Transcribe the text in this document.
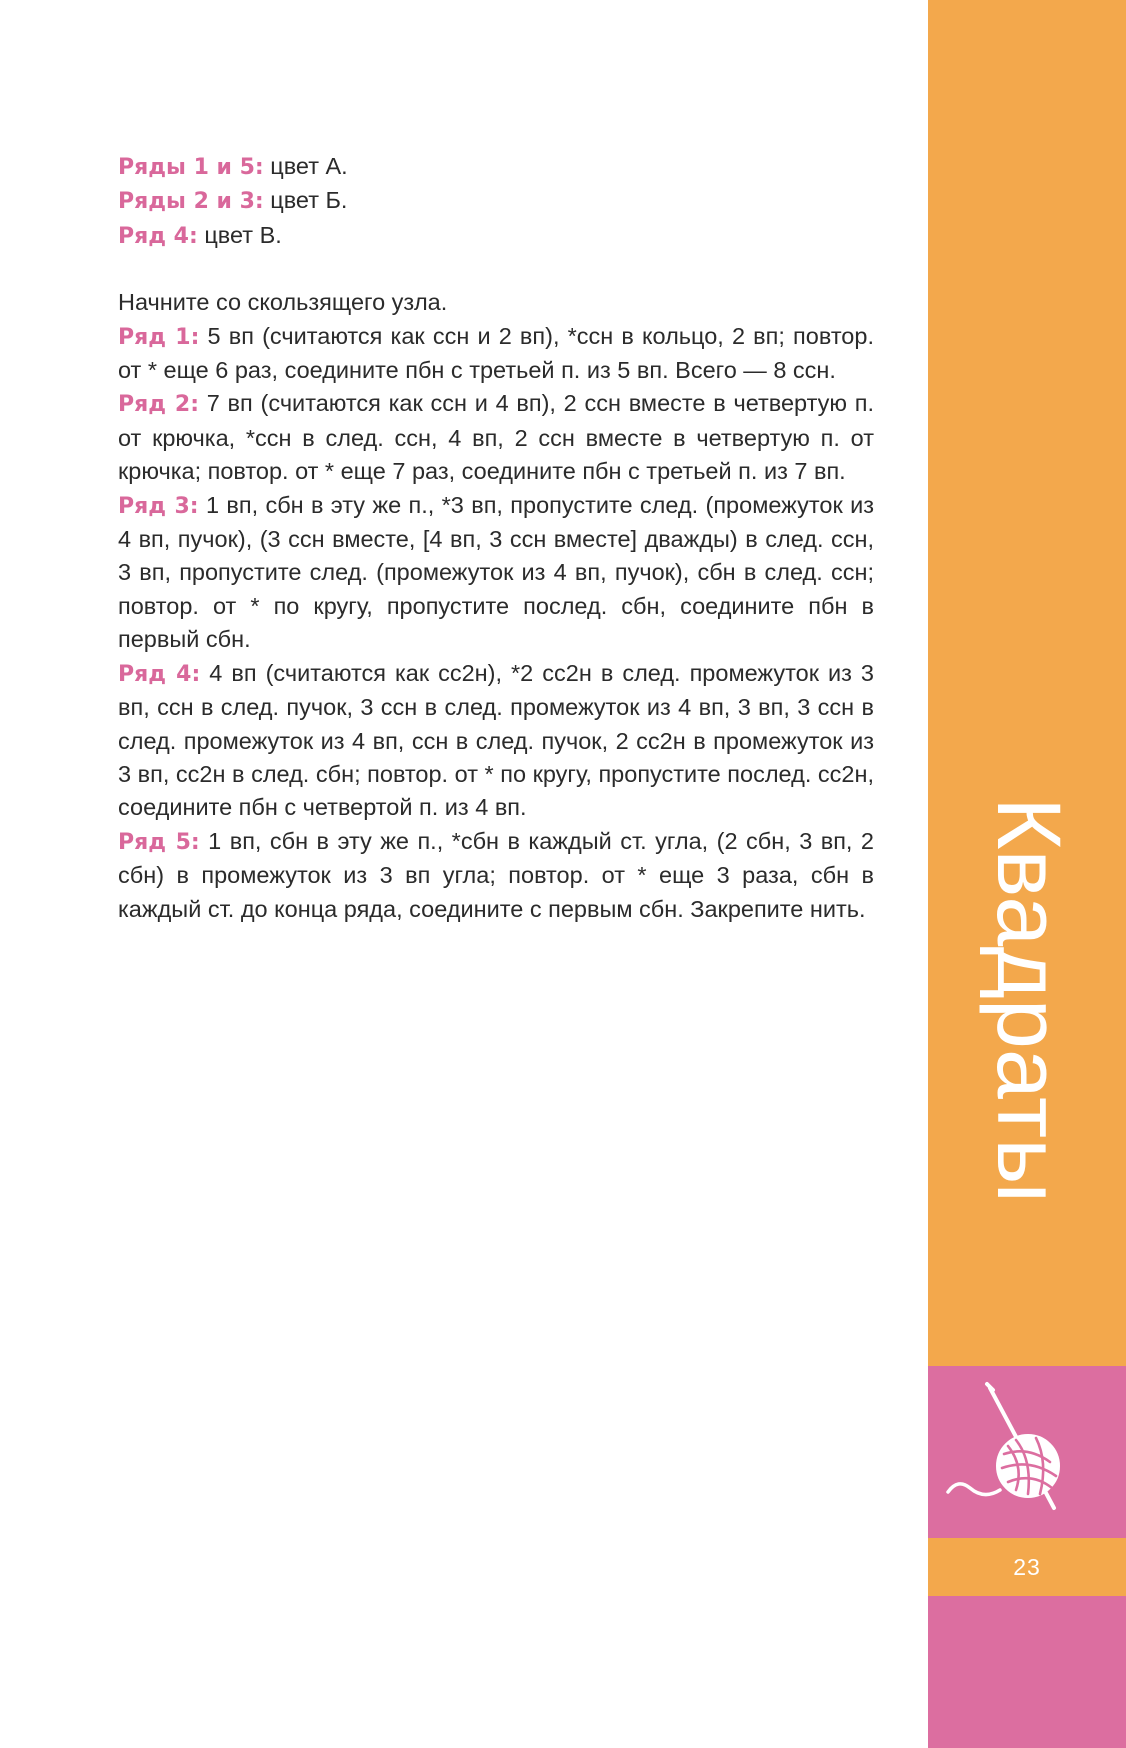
Ряды 1 и 5: цвет А.

Ряды 2 и 3: цвет Б.

Ряд 4: цвет В.

Начните со скользящего узла.

Ряд 1: 5 вп (считаются как ссн и 2 вп), *ссн в кольцо, 2 вп; повтор. от * еще 6 раз, соедините пбн с третьей п. из 5 вп. Всего — 8 ссн.

Ряд 2: 7 вп (считаются как ссн и 4 вп), 2 ссн вместе в четвертую п. от крючка, *ссн в след. ссн, 4 вп, 2 ссн вместе в четвертую п. от крючка; повтор. от * еще 7 раз, соедините пбн с третьей п. из 7 вп.

Ряд 3: 1 вп, сбн в эту же п., *3 вп, пропустите след. (промежуток из 4 вп, пучок), (3 ссн вместе, [4 вп, 3 ссн вместе] дважды) в след. ссн, 3 вп, пропустите след. (промежуток из 4 вп, пучок), сбн в след. ссн; повтор. от * по кругу, пропустите послед. сбн, соедините пбн в первый сбн.

Ряд 4: 4 вп (считаются как сс2н), *2 сс2н в след. промежуток из 3 вп, ссн в след. пучок, 3 ссн в след. промежуток из 4 вп, 3 вп, 3 ссн в след. промежуток из 4 вп, ссн в след. пучок, 2 сс2н в промежуток из 3 вп, сс2н в след. сбн; повтор. от * по кругу, пропустите послед. сс2н, соедините пбн с четвертой п. из 4 вп.

Ряд 5: 1 вп, сбн в эту же п., *сбн в каждый ст. угла, (2 сбн, 3 вп, 2 сбн) в промежуток из 3 вп угла; повтор. от * еще 3 раза, сбн в каждый ст. до конца ряда, соедините с первым сбн. Закрепите нить. Квадраты
23
